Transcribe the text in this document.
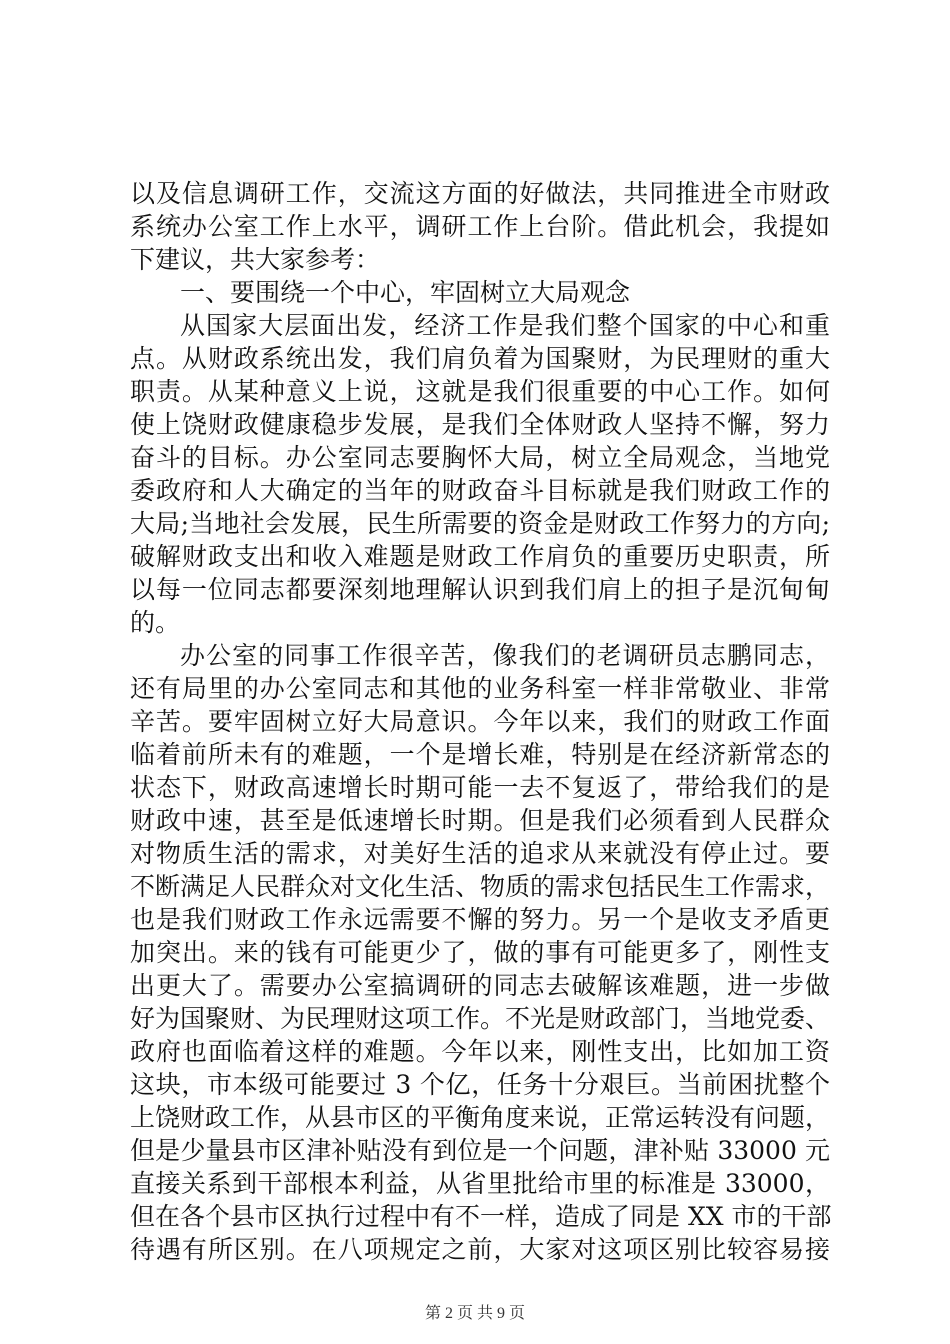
以及信息调研工作，交流这方面的好做法，共同推进全市财政
系统办公室工作上水平，调研工作上台阶。借此机会，我提如
下建议，共大家参考：
一、要围绕一个中心，牢固树立大局观念
从国家大层面出发，经济工作是我们整个国家的中心和重
点。从财政系统出发，我们肩负着为国聚财，为民理财的重大
职责。从某种意义上说，这就是我们很重要的中心工作。如何
使上饶财政健康稳步发展，是我们全体财政人坚持不懈，努力
奋斗的目标。办公室同志要胸怀大局，树立全局观念，当地党
委政府和人大确定的当年的财政奋斗目标就是我们财政工作的
大局;当地社会发展，民生所需要的资金是财政工作努力的方向;
破解财政支出和收入难题是财政工作肩负的重要历史职责，所
以每一位同志都要深刻地理解认识到我们肩上的担子是沉甸甸
的。
办公室的同事工作很辛苦，像我们的老调研员志鹏同志，
还有局里的办公室同志和其他的业务科室一样非常敬业、非常
辛苦。要牢固树立好大局意识。今年以来，我们的财政工作面
临着前所未有的难题，一个是增长难，特别是在经济新常态的
状态下，财政高速增长时期可能一去不复返了，带给我们的是
财政中速，甚至是低速增长时期。但是我们必须看到人民群众
对物质生活的需求，对美好生活的追求从来就没有停止过。要
不断满足人民群众对文化生活、物质的需求包括民生工作需求，
也是我们财政工作永远需要不懈的努力。另一个是收支矛盾更
加突出。来的钱有可能更少了，做的事有可能更多了，刚性支
出更大了。需要办公室搞调研的同志去破解该难题，进一步做
好为国聚财、为民理财这项工作。不光是财政部门，当地党委、
政府也面临着这样的难题。今年以来，刚性支出，比如加工资
这块，市本级可能要过 3 个亿，任务十分艰巨。当前困扰整个
上饶财政工作，从县市区的平衡角度来说，正常运转没有问题，
但是少量县市区津补贴没有到位是一个问题，津补贴 33000 元
直接关系到干部根本利益，从省里批给市里的标准是 33000，
但在各个县市区执行过程中有不一样，造成了同是 XX 市的干部
待遇有所区别。在八项规定之前，大家对这项区别比较容易接
第 2 页 共 9 页
